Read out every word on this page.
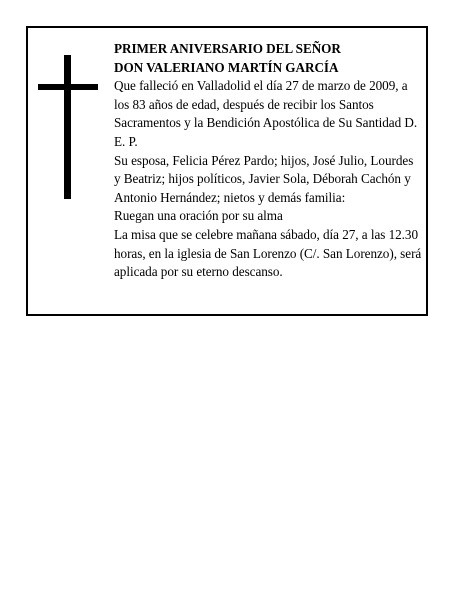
PRIMER ANIVERSARIO DEL SEÑOR
DON VALERIANO MARTÍN GARCÍA

Que falleció en Valladolid el día 27 de marzo de 2009, a los 83 años de edad, después de recibir los Santos Sacramentos y la Bendición Apostólica de Su Santidad D. E. P.

Su esposa, Felicia Pérez Pardo; hijos, José Julio, Lourdes y Beatriz; hijos políticos, Javier Sola, Déborah Cachón y Antonio Hernández; nietos y demás familia:

Ruegan una oración por su alma

La misa que se celebre mañana sábado, día 27, a las 12.30 horas, en la iglesia de San Lorenzo (C/. San Lorenzo), será aplicada por su eterno descanso.
